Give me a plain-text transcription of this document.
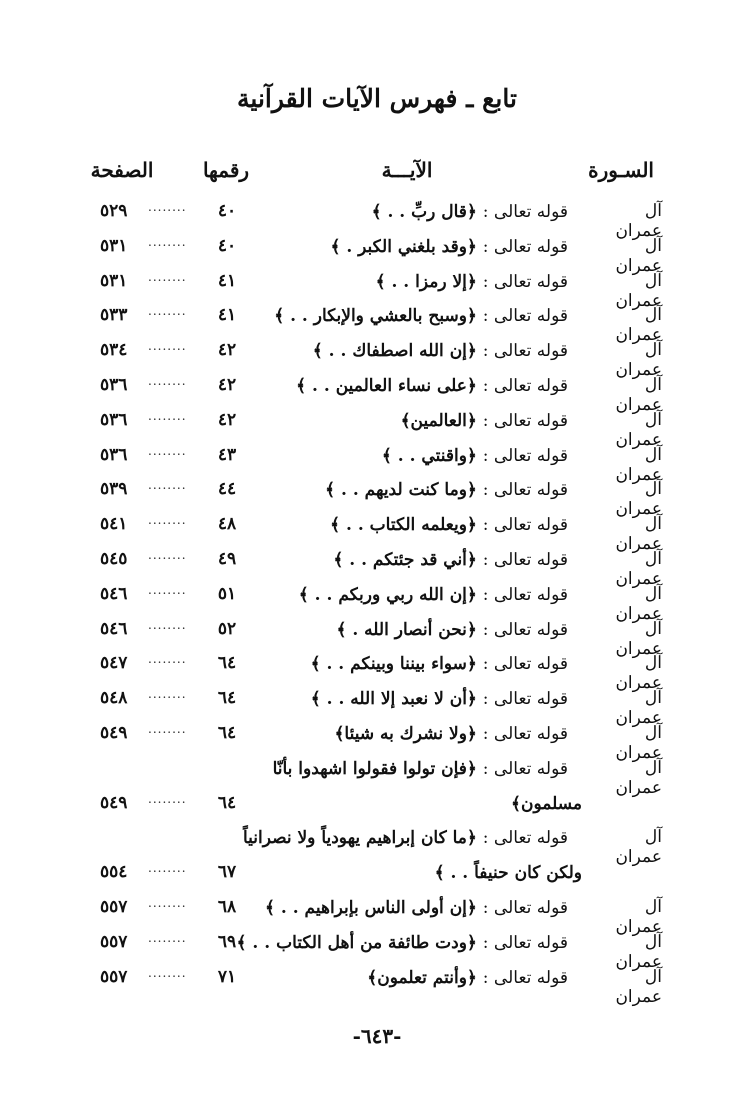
تابع ـ فهرس الآيات القرآنية
السـورة
الآيـــة
رقمها
الصفحة
آل عمران
قوله تعالى : ﴿قال ربِّ . . ﴾
٤٠
........
٥٢٩
آل عمران
قوله تعالى : ﴿وقد بلغني الكبر . ﴾
٤٠
........
٥٣١
آل عمران
قوله تعالى : ﴿إلا رمزا . . ﴾
٤١
........
٥٣١
آل عمران
قوله تعالى : ﴿وسبح بالعشي والإبكار . . ﴾
٤١
........
٥٣٣
آل عمران
قوله تعالى : ﴿إن الله اصطفاك . . ﴾
٤٢
........
٥٣٤
آل عمران
قوله تعالى : ﴿على نساء العالمين . . ﴾
٤٢
........
٥٣٦
آل عمران
قوله تعالى : ﴿العالمين﴾
٤٢
........
٥٣٦
آل عمران
قوله تعالى : ﴿واقنتي . . ﴾
٤٣
........
٥٣٦
آل عمران
قوله تعالى : ﴿وما كنت لديهم . . ﴾
٤٤
........
٥٣٩
آل عمران
قوله تعالى : ﴿ويعلمه الكتاب . . ﴾
٤٨
........
٥٤١
آل عمران
قوله تعالى : ﴿أني قد جئتكم . . ﴾
٤٩
........
٥٤٥
آل عمران
قوله تعالى : ﴿إن الله ربي وربكم . . ﴾
٥١
........
٥٤٦
آل عمران
قوله تعالى : ﴿نحن أنصار الله . ﴾
٥٢
........
٥٤٦
آل عمران
قوله تعالى : ﴿سواء بيننا وبينكم . . ﴾
٦٤
........
٥٤٧
آل عمران
قوله تعالى : ﴿أن لا نعبد إلا الله . . ﴾
٦٤
........
٥٤٨
آل عمران
قوله تعالى : ﴿ولا نشرك به شيئا﴾
٦٤
........
٥٤٩
آل عمران
قوله تعالى : ﴿فإن تولوا فقولوا اشهدوا بأنّا
مسلمون﴾
٦٤
........
٥٤٩
آل عمران
قوله تعالى : ﴿ما كان إبراهيم يهودياً ولا نصرانياً
ولكن كان حنيفاً . . ﴾
٦٧
........
٥٥٤
آل عمران
قوله تعالى : ﴿إن أولى الناس بإبراهيم . . ﴾
٦٨
........
٥٥٧
آل عمران
قوله تعالى : ﴿ودت طائفة من أهل الكتاب . . ﴾
٦٩
........
٥٥٧
آل عمران
قوله تعالى : ﴿وأنتم تعلمون﴾
٧١
........
٥٥٧
-٦٤٣-
